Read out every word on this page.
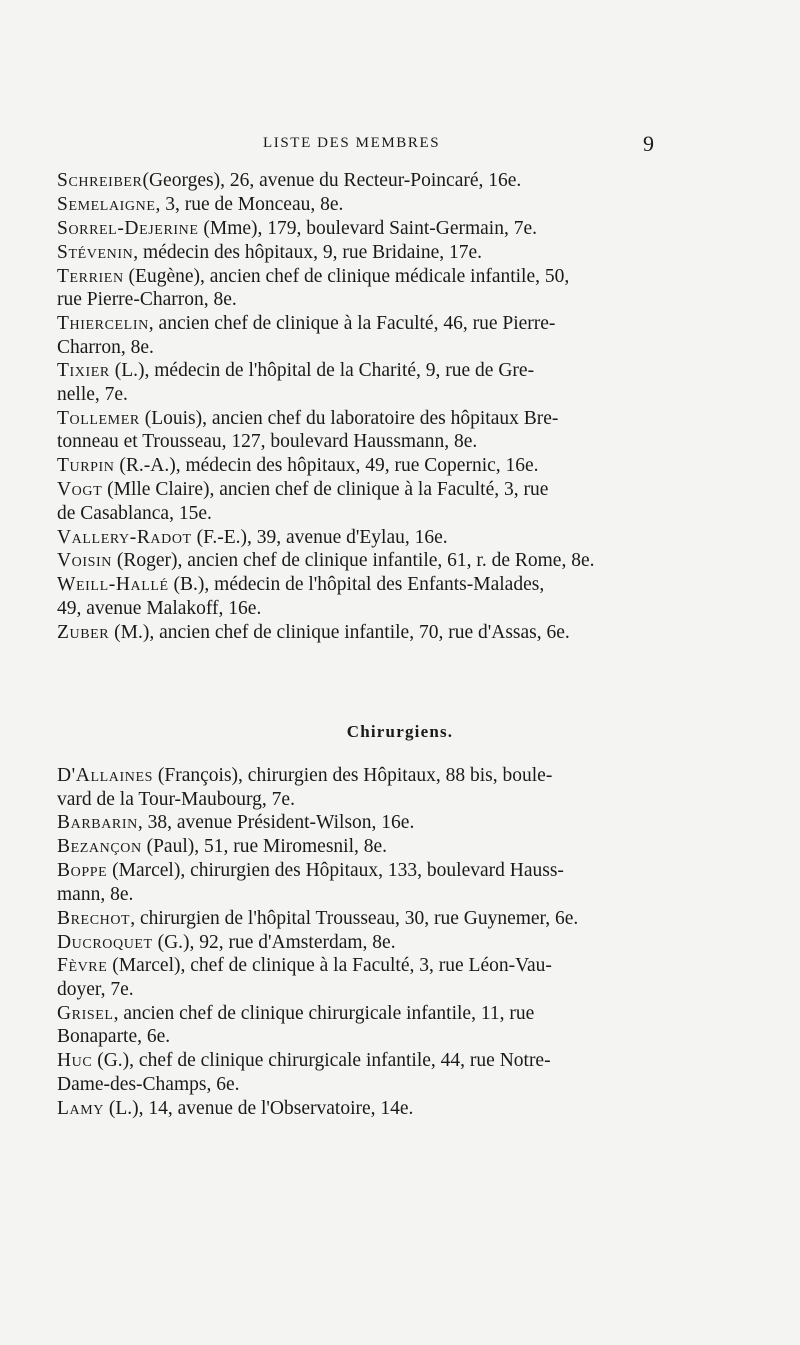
LISTE DES MEMBRES	9
Schreiber(Georges), 26, avenue du Recteur-Poincaré, 16e.
Semelaigne, 3, rue de Monceau, 8e.
Sorrel-Dejerine (Mme), 179, boulevard Saint-Germain, 7e.
Stévenin, médecin des hôpitaux, 9, rue Bridaine, 17e.
Terrien (Eugène), ancien chef de clinique médicale infantile, 50,
rue Pierre-Charron, 8e.
Thiercelin, ancien chef de clinique à la Faculté, 46, rue Pierre-
Charron, 8e.
Tixier (L.), médecin de l'hôpital de la Charité, 9, rue de Gre-
nelle, 7e.
Tollemer (Louis), ancien chef du laboratoire des hôpitaux Bre-
tonneau et Trousseau, 127, boulevard Haussmann, 8e.
Turpin (R.-A.), médecin des hôpitaux, 49, rue Copernic, 16e.
Vogt (Mlle Claire), ancien chef de clinique à la Faculté, 3, rue
de Casablanca, 15e.
Vallery-Radot (F.-E.), 39, avenue d'Eylau, 16e.
Voisin (Roger), ancien chef de clinique infantile, 61, r. de Rome, 8e.
Weill-Hallé (B.), médecin de l'hôpital des Enfants-Malades,
49, avenue Malakoff, 16e.
Zuber (M.), ancien chef de clinique infantile, 70, rue d'Assas, 6e.
Chirurgiens.
D'Allaines (François), chirurgien des Hôpitaux, 88 bis, boule-
vard de la Tour-Maubourg, 7e.
Barbarin, 38, avenue Président-Wilson, 16e.
Bezançon (Paul), 51, rue Miromesnil, 8e.
Boppe (Marcel), chirurgien des Hôpitaux, 133, boulevard Hauss-
mann, 8e.
Brechot, chirurgien de l'hôpital Trousseau, 30, rue Guynemer, 6e.
Ducroquet (G.), 92, rue d'Amsterdam, 8e.
Fèvre (Marcel), chef de clinique à la Faculté, 3, rue Léon-Vau-
doyer, 7e.
Grisel, ancien chef de clinique chirurgicale infantile, 11, rue
Bonaparte, 6e.
Huc (G.), chef de clinique chirurgicale infantile, 44, rue Notre-
Dame-des-Champs, 6e.
Lamy (L.), 14, avenue de l'Observatoire, 14e.
